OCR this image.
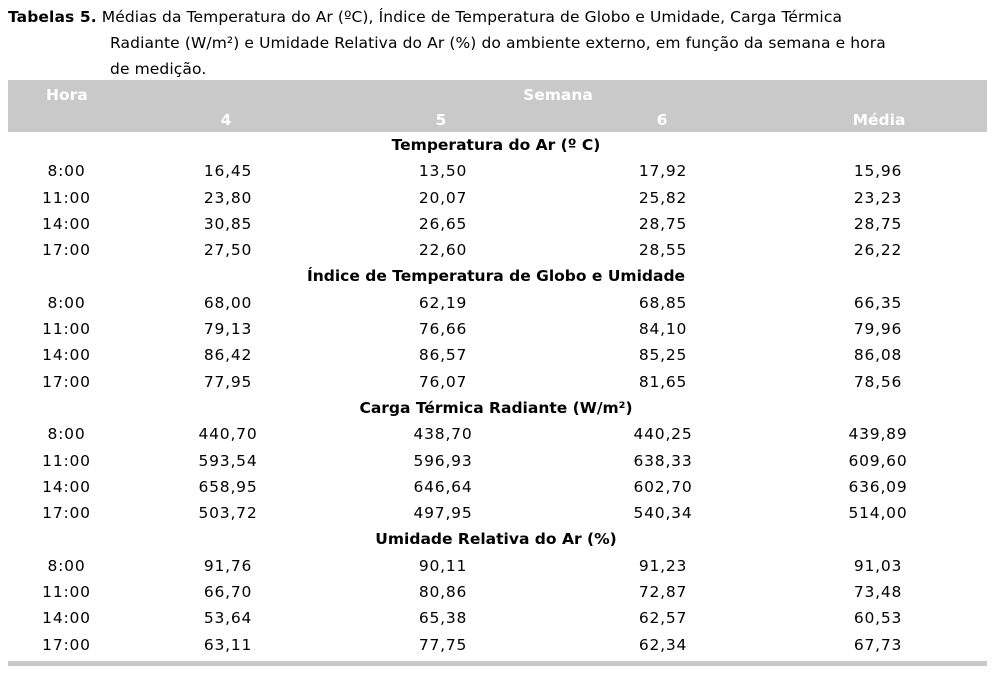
Tabelas 5. Médias da Temperatura do Ar (ºC), Índice de Temperatura de Globo e Umidade, Carga Térmica
Radiante (W/m²) e Umidade Relativa do Ar (%) do ambiente externo, em função da semana e hora
de medição.
Hora	Semana
4	5	6	Média
Temperatura do Ar (º C)
8:00	16,45	13,50	17,92	15,96
11:00	23,80	20,07	25,82	23,23
14:00	30,85	26,65	28,75	28,75
17:00	27,50	22,60	28,55	26,22
Índice de Temperatura de Globo e Umidade
8:00	68,00	62,19	68,85	66,35
11:00	79,13	76,66	84,10	79,96
14:00	86,42	86,57	85,25	86,08
17:00	77,95	76,07	81,65	78,56
Carga Térmica Radiante (W/m²)
8:00	440,70	438,70	440,25	439,89
11:00	593,54	596,93	638,33	609,60
14:00	658,95	646,64	602,70	636,09
17:00	503,72	497,95	540,34	514,00
Umidade Relativa do Ar (%)
8:00	91,76	90,11	91,23	91,03
11:00	66,70	80,86	72,87	73,48
14:00	53,64	65,38	62,57	60,53
17:00	63,11	77,75	62,34	67,73
